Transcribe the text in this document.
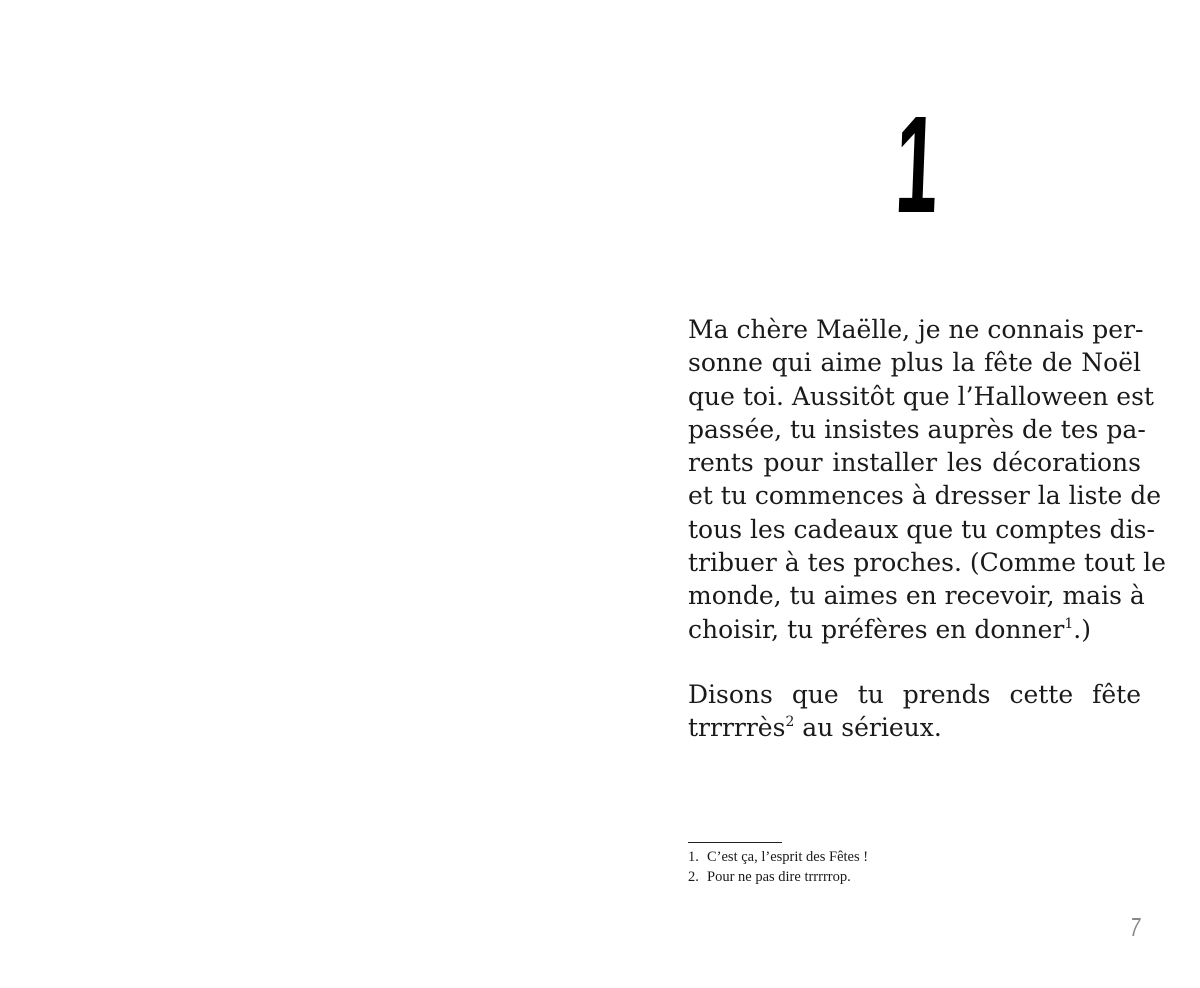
1
Ma chère Maëlle, je ne connais per-
sonne qui aime plus la fête de Noël
que toi. Aussitôt que l’Halloween est
passée, tu insistes auprès de tes pa-
rents pour installer les décorations
et tu commences à dresser la liste de
tous les cadeaux que tu comptes dis-
tribuer à tes proches. (Comme tout le
monde, tu aimes en recevoir, mais à
choisir, tu préfères en donner$^1$.)
Disons que tu prends cette fête
trrrrrès$^2$ au sérieux.
1. C’est ça, l’esprit des Fêtes !
2. Pour ne pas dire trrrrrop.
7
